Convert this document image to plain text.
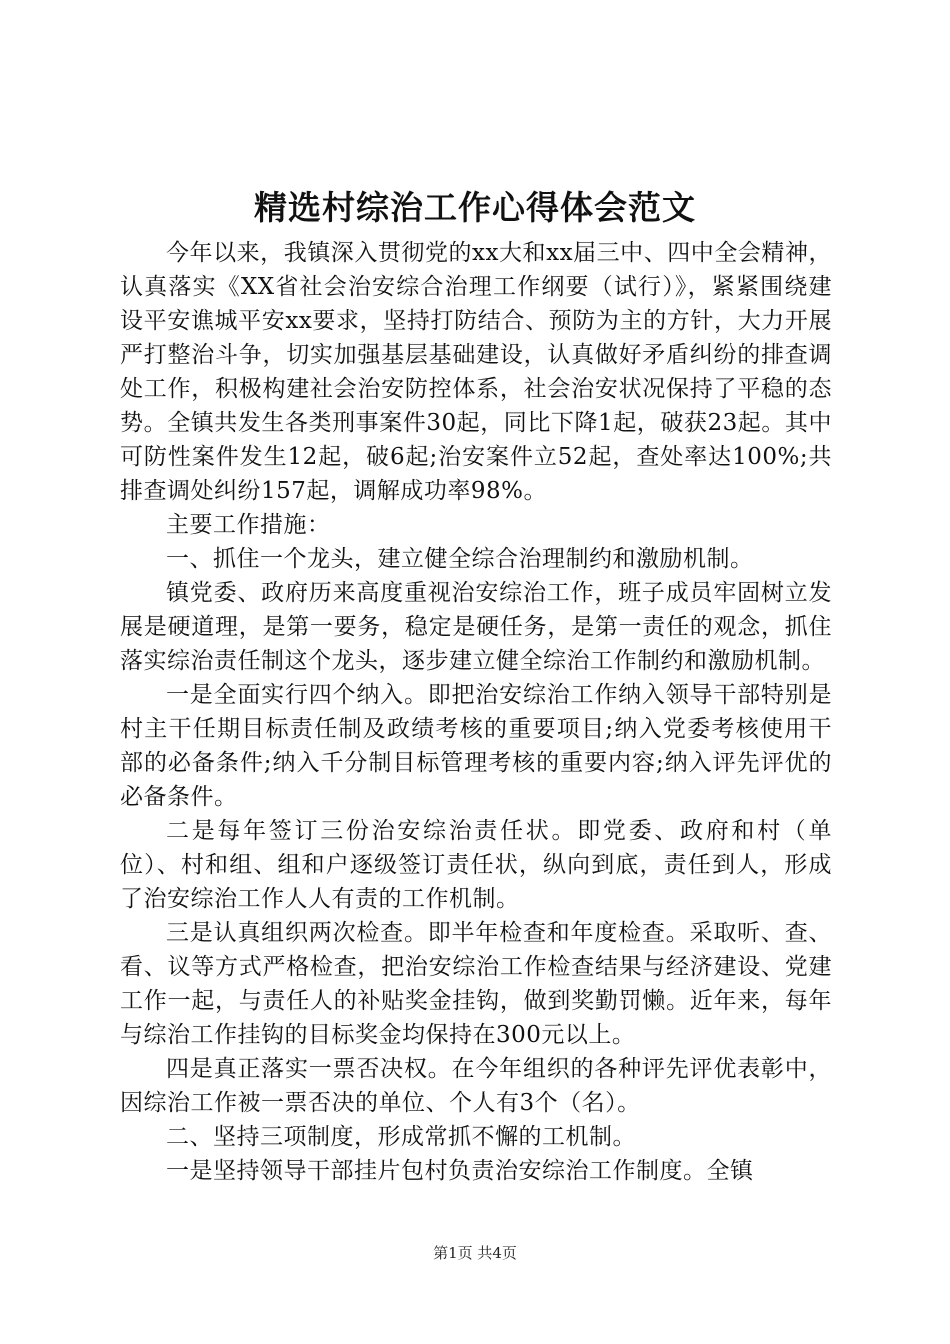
精选村综治工作心得体会范文

今年以来，我镇深入贯彻党的xx大和xx届三中、四中全会精神，认真落实《XX省社会治安综合治理工作纲要（试行）》，紧紧围绕建设平安谯城平安xx要求，坚持打防结合、预防为主的方针，大力开展严打整治斗争，切实加强基层基础建设，认真做好矛盾纠纷的排查调处工作，积极构建社会治安防控体系，社会治安状况保持了平稳的态势。全镇共发生各类刑事案件30起，同比下降1起，破获23起。其中可防性案件发生12起，破6起;治安案件立52起，查处率达100%;共排查调处纠纷157起，调解成功率98%。

主要工作措施：

一、抓住一个龙头，建立健全综合治理制约和激励机制。

镇党委、政府历来高度重视治安综治工作，班子成员牢固树立发展是硬道理，是第一要务，稳定是硬任务，是第一责任的观念，抓住落实综治责任制这个龙头，逐步建立健全综治工作制约和激励机制。

一是全面实行四个纳入。即把治安综治工作纳入领导干部特别是村主干任期目标责任制及政绩考核的重要项目;纳入党委考核使用干部的必备条件;纳入千分制目标管理考核的重要内容;纳入评先评优的必备条件。

二是每年签订三份治安综治责任状。即党委、政府和村（单位）、村和组、组和户逐级签订责任状，纵向到底，责任到人，形成了治安综治工作人人有责的工作机制。

三是认真组织两次检查。即半年检查和年度检查。采取听、查、看、议等方式严格检查，把治安综治工作检查结果与经济建设、党建工作一起，与责任人的补贴奖金挂钩，做到奖勤罚懒。近年来，每年与综治工作挂钩的目标奖金均保持在300元以上。

四是真正落实一票否决权。在今年组织的各种评先评优表彰中，因综治工作被一票否决的单位、个人有3个（名）。

二、坚持三项制度，形成常抓不懈的工机制。

一是坚持领导干部挂片包村负责治安综治工作制度。全镇

第1页 共4页
